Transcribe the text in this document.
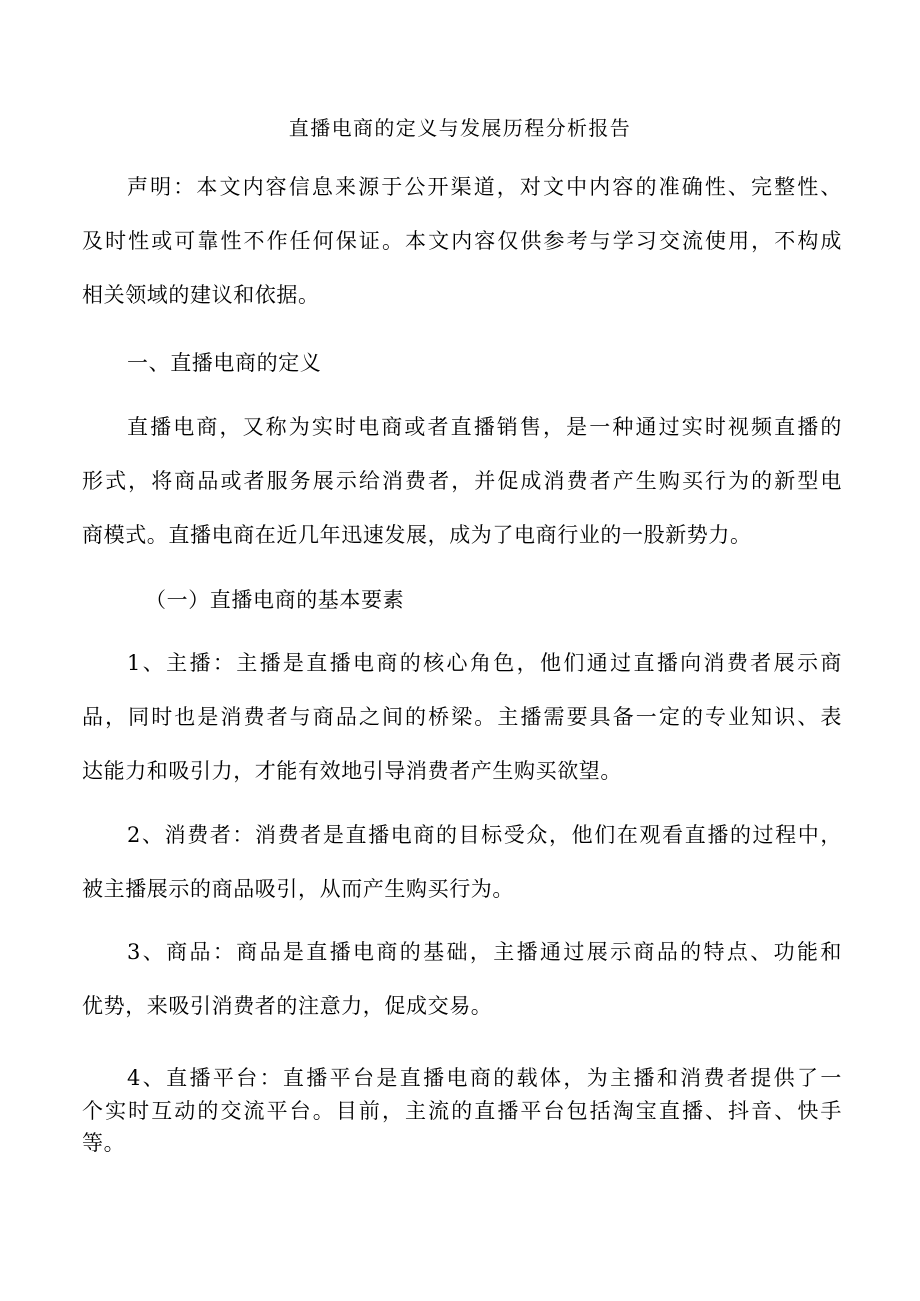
直播电商的定义与发展历程分析报告
声明：本文内容信息来源于公开渠道，对文中内容的准确性、完整性、
及时性或可靠性不作任何保证。本文内容仅供参考与学习交流使用，不构成
相关领域的建议和依据。
一、直播电商的定义
直播电商，又称为实时电商或者直播销售，是一种通过实时视频直播的
形式，将商品或者服务展示给消费者，并促成消费者产生购买行为的新型电
商模式。直播电商在近几年迅速发展，成为了电商行业的一股新势力。
（一）直播电商的基本要素
1、主播：主播是直播电商的核心角色，他们通过直播向消费者展示商
品，同时也是消费者与商品之间的桥梁。主播需要具备一定的专业知识、表
达能力和吸引力，才能有效地引导消费者产生购买欲望。
2、消费者：消费者是直播电商的目标受众，他们在观看直播的过程中，
被主播展示的商品吸引，从而产生购买行为。
3、商品：商品是直播电商的基础，主播通过展示商品的特点、功能和
优势，来吸引消费者的注意力，促成交易。
4、直播平台：直播平台是直播电商的载体，为主播和消费者提供了一
个实时互动的交流平台。目前，主流的直播平台包括淘宝直播、抖音、快手
等。
